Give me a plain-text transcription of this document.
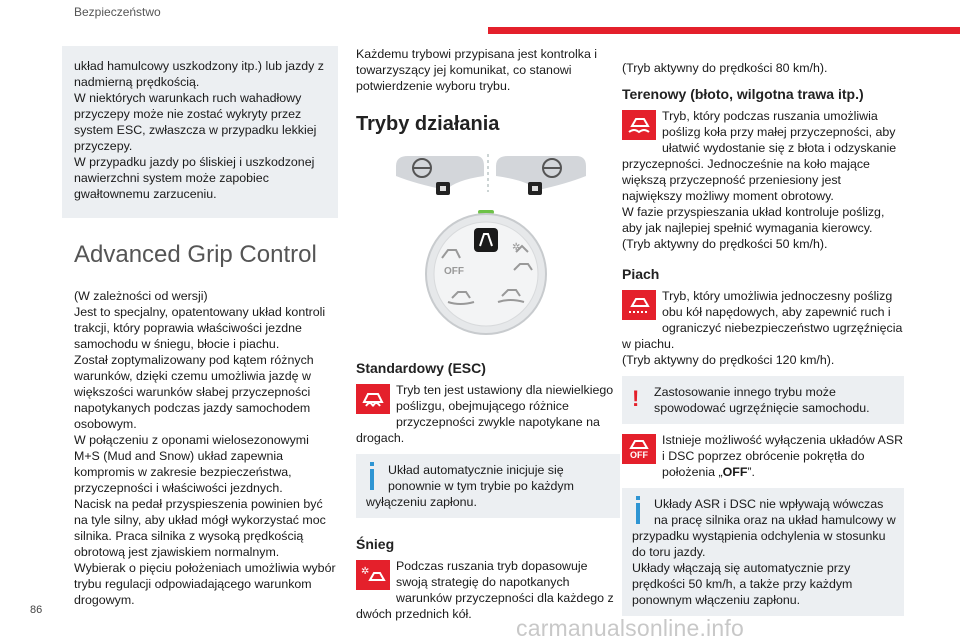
Bezpieczeństwo

układ hamulcowy uszkodzony itp.) lub jazdy z nadmierną prędkością.

W niektórych warunkach ruch wahadłowy przyczepy może nie zostać wykryty przez system ESC, zwłaszcza w przypadku lekkiej przyczepy.

W przypadku jazdy po śliskiej i uszkodzonej nawierzchni system może zapobiec gwałtownemu zarzuceniu.

Advanced Grip Control

(W zależności od wersji)

Jest to specjalny, opatentowany układ kontroli trakcji, który poprawia właściwości jezdne samochodu w śniegu, błocie i piachu.

Został zoptymalizowany pod kątem różnych warunków, dzięki czemu umożliwia jazdę w większości warunków słabej przyczepności napotykanych podczas jazdy samochodem osobowym.

W połączeniu z oponami wielosezonowymi M+S (Mud and Snow) układ zapewnia kompromis w zakresie bezpieczeństwa, przyczepności i właściwości jezdnych.

Nacisk na pedał przyspieszenia powinien być na tyle silny, aby układ mógł wykorzystać moc silnika. Praca silnika z wysoką prędkością obrotową jest zjawiskiem normalnym.

Wybierak o pięciu położeniach umożliwia wybór trybu regulacji odpowiadającego warunkom drogowym.

Każdemu trybowi przypisana jest kontrolka i towarzyszący jej komunikat, co stanowi potwierdzenie wyboru trybu.

Tryby działania
OFF
✲
Standardowy (ESC)

Tryb ten jest ustawiony dla niewielkiego poślizgu, obejmującego różnice przyczepności zwykle napotykane na drogach.

Układ automatycznie inicjuje się ponownie w tym trybie po każdym wyłączeniu zapłonu.

Śnieg
✲	Podczas ruszania tryb dopasowuje swoją strategię do napotkanych warunków przyczepności dla każdego z dwóch przednich kół.

(Tryb aktywny do prędkości 80 km/h).

Terenowy (błoto, wilgotna trawa itp.)

Tryb, który podczas ruszania umożliwia poślizg koła przy małej przyczepności, aby ułatwić wydostanie się z błota i odzyskanie przyczepności. Jednocześnie na koło mające większą przyczepność przeniesiony jest największy możliwy moment obrotowy.

W fazie przyspieszania układ kontroluje poślizg, aby jak najlepiej spełnić wymagania kierowcy.

(Tryb aktywny do prędkości 50 km/h).

Piach

Tryb, który umożliwia jednoczesny poślizg obu kół napędowych, aby zapewnić ruch i ograniczyć niebezpieczeństwo ugrzęźnięcia w piachu.

(Tryb aktywny do prędkości 120 km/h).

!	Zastosowanie innego trybu może spowodować ugrzęźnięcie samochodu.

OFF

Istnieje możliwość wyłączenia układów ASR i DSC poprzez obrócenie pokrętła do położenia „OFF”.

Układy ASR i DSC nie wpływają wówczas na pracę silnika oraz na układ hamulcowy w przypadku wystąpienia odchylenia w stosunku do toru jazdy.

Układy włączają się automatycznie przy prędkości 50 km/h, a także przy każdym ponownym włączeniu zapłonu.

86
carmanualsonline.info
